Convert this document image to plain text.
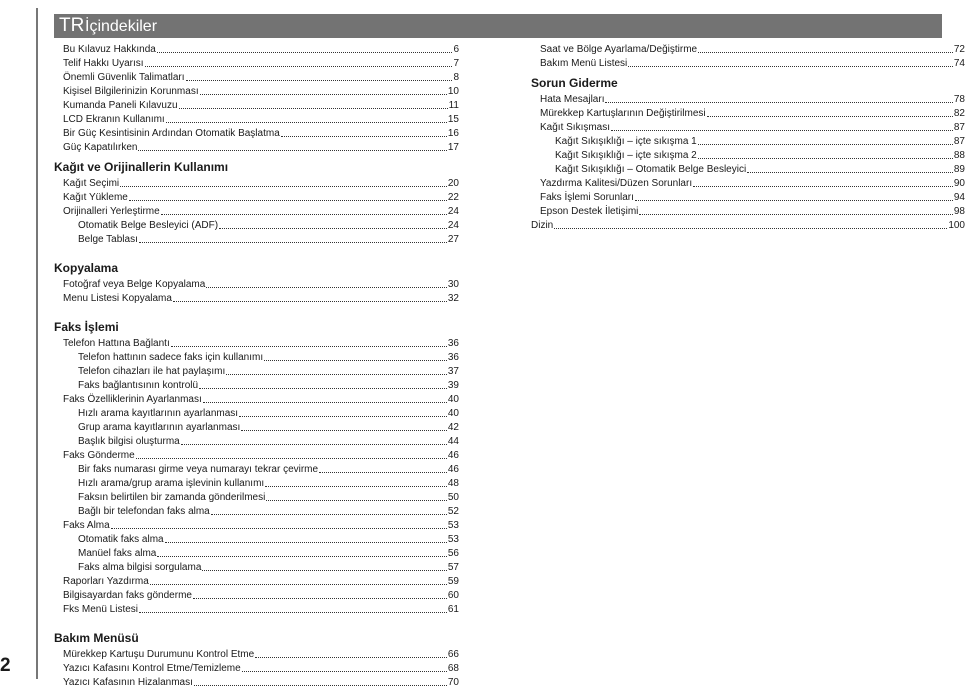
2
TR İçindekiler
Bu Kılavuz Hakkında	6
Telif Hakkı Uyarısı	7
Önemli Güvenlik Talimatları	8
Kişisel Bilgilerinizin Korunması	10
Kumanda Paneli Kılavuzu	11
LCD Ekranın Kullanımı	15
Bir Güç Kesintisinin Ardından Otomatik Başlatma	16
Güç Kapatılırken	17
Kağıt ve Orijinallerin Kullanımı
Kağıt Seçimi	20
Kağıt Yükleme	22
Orijinalleri Yerleştirme	24
Otomatik Belge Besleyici (ADF)	24
Belge Tablası	27
Kopyalama
Fotoğraf veya Belge Kopyalama	30
Menu Listesi Kopyalama	32
Faks İşlemi
Telefon Hattına Bağlantı	36
Telefon hattının sadece faks için kullanımı	36
Telefon cihazları ile hat paylaşımı	37
Faks bağlantısının kontrolü	39
Faks Özelliklerinin Ayarlanması	40
Hızlı arama kayıtlarının ayarlanması	40
Grup arama kayıtlarının ayarlanması	42
Başlık bilgisi oluşturma	44
Faks Gönderme	46
Bir faks numarası girme veya numarayı tekrar çevirme	46
Hızlı arama/grup arama işlevinin kullanımı	48
Faksın belirtilen bir zamanda gönderilmesi	50
Bağlı bir telefondan faks alma	52
Faks Alma	53
Otomatik faks alma	53
Manüel faks alma	56
Faks alma bilgisi sorgulama	57
Raporları Yazdırma	59
Bilgisayardan faks gönderme	60
Fks Menü Listesi	61
Bakım Menüsü
Mürekkep Kartuşu Durumunu Kontrol Etme	66
Yazıcı Kafasını Kontrol Etme/Temizleme	68
Yazıcı Kafasının Hizalanması	70
Saat ve Bölge Ayarlama/Değiştirme	72
Bakım Menü Listesi	74
Sorun Giderme
Hata Mesajları	78
Mürekkep Kartuşlarının Değiştirilmesi	82
Kağıt Sıkışması	87
Kağıt Sıkışıklığı – içte sıkışma 1	87
Kağıt Sıkışıklığı – içte sıkışma 2	88
Kağıt Sıkışıklığı – Otomatik Belge Besleyici	89
Yazdırma Kalitesi/Düzen Sorunları	90
Faks İşlemi Sorunları	94
Epson Destek İletişimi	98
Dizin	100
